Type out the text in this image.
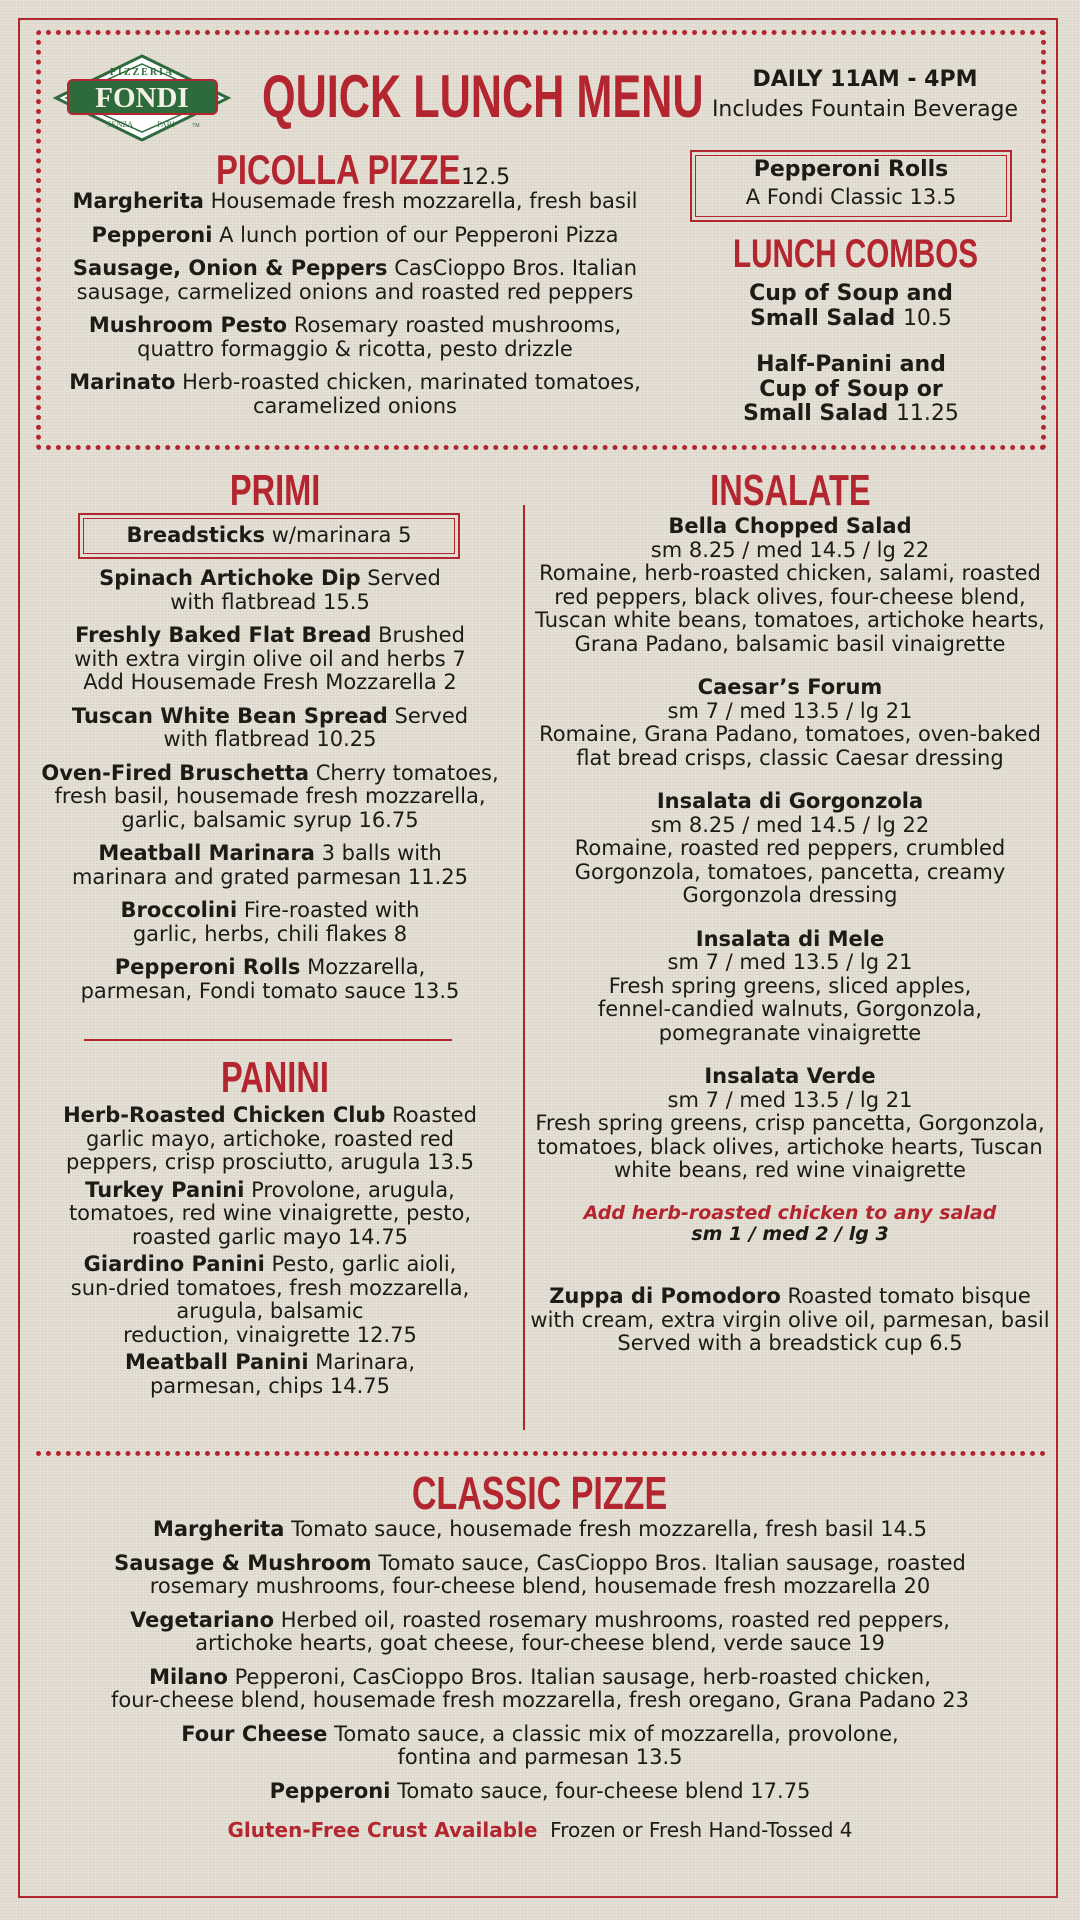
FONDI
PIZZERIA
SENZA	PARI	TM QUICK LUNCH MENU	DAILY 11AM - 4PM
Includes Fountain Beverage
PICOLLA PIZZE 12.5
Margherita Housemade fresh mozzarella, fresh basil
Pepperoni A lunch portion of our Pepperoni Pizza
Sausage, Onion & Peppers CasCioppo Bros. Italian
sausage, carmelized onions and roasted red peppers
Mushroom Pesto Rosemary roasted mushrooms,
quattro formaggio & ricotta, pesto drizzle
Marinato Herb-roasted chicken, marinated tomatoes,
caramelized onions
Pepperoni Rolls
A Fondi Classic 13.5
LUNCH COMBOS
Cup of Soup and
Small Salad 10.5
Half-Panini and
Cup of Soup or
Small Salad 11.25
PRIMI
Breadsticks w/marinara 5
Spinach Artichoke Dip Served
with flatbread 15.5
Freshly Baked Flat Bread Brushed
with extra virgin olive oil and herbs 7
Add Housemade Fresh Mozzarella 2
Tuscan White Bean Spread Served
with flatbread 10.25
Oven-Fired Bruschetta Cherry tomatoes,
fresh basil, housemade fresh mozzarella,
garlic, balsamic syrup 16.75
Meatball Marinara 3 balls with
marinara and grated parmesan 11.25
Broccolini Fire-roasted with
garlic, herbs, chili flakes 8
Pepperoni Rolls Mozzarella,
parmesan, Fondi tomato sauce 13.5
PANINI
Herb-Roasted Chicken Club Roasted
garlic mayo, artichoke, roasted red
peppers, crisp prosciutto, arugula 13.5
Turkey Panini Provolone, arugula,
tomatoes, red wine vinaigrette, pesto,
roasted garlic mayo 14.75
Giardino Panini Pesto, garlic aioli,
sun-dried tomatoes, fresh mozzarella,
arugula, balsamic
reduction, vinaigrette 12.75
Meatball Panini Marinara,
parmesan, chips 14.75
INSALATE
Bella Chopped Salad
sm 8.25 / med 14.5 / lg 22
Romaine, herb-roasted chicken, salami, roasted
red peppers, black olives, four-cheese blend,
Tuscan white beans, tomatoes, artichoke hearts,
Grana Padano, balsamic basil vinaigrette
Caesar’s Forum
sm 7 / med 13.5 / lg 21
Romaine, Grana Padano, tomatoes, oven-baked
flat bread crisps, classic Caesar dressing
Insalata di Gorgonzola
sm 8.25 / med 14.5 / lg 22
Romaine, roasted red peppers, crumbled
Gorgonzola, tomatoes, pancetta, creamy
Gorgonzola dressing
Insalata di Mele
sm 7 / med 13.5 / lg 21
Fresh spring greens, sliced apples,
fennel-candied walnuts, Gorgonzola,
pomegranate vinaigrette
Insalata Verde
sm 7 / med 13.5 / lg 21
Fresh spring greens, crisp pancetta, Gorgonzola,
tomatoes, black olives, artichoke hearts, Tuscan
white beans, red wine vinaigrette
Add herb-roasted chicken to any salad
sm 1 / med 2 / lg 3
Zuppa di Pomodoro Roasted tomato bisque
with cream, extra virgin olive oil, parmesan, basil
Served with a breadstick cup 6.5
CLASSIC PIZZE
Margherita Tomato sauce, housemade fresh mozzarella, fresh basil 14.5
Sausage & Mushroom Tomato sauce, CasCioppo Bros. Italian sausage, roasted
rosemary mushrooms, four-cheese blend, housemade fresh mozzarella 20
Vegetariano Herbed oil, roasted rosemary mushrooms, roasted red peppers,
artichoke hearts, goat cheese, four-cheese blend, verde sauce 19
Milano Pepperoni, CasCioppo Bros. Italian sausage, herb-roasted chicken,
four-cheese blend, housemade fresh mozzarella, fresh oregano, Grana Padano 23
Four Cheese Tomato sauce, a classic mix of mozzarella, provolone,
fontina and parmesan 13.5
Pepperoni Tomato sauce, four-cheese blend 17.75
Gluten-Free Crust Available Frozen or Fresh Hand-Tossed 4
